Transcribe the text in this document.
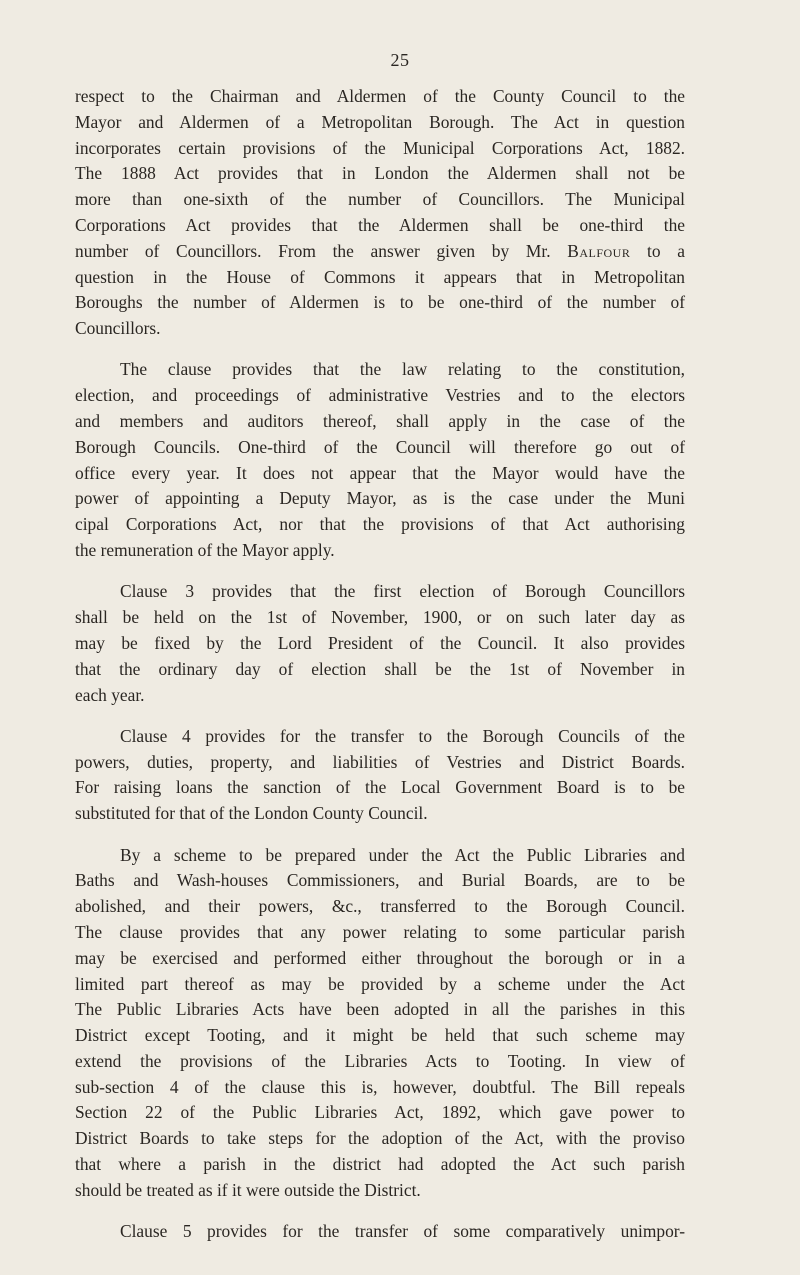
25

respect to the Chairman and Aldermen of the County Council to the
Mayor and Aldermen of a Metropolitan Borough. The Act in question
incorporates certain provisions of the Municipal Corporations Act, 1882.
The 1888 Act provides that in London the Aldermen shall not be
more than one-sixth of the number of Councillors. The Municipal
Corporations Act provides that the Aldermen shall be one-third the
number of Councillors. From the answer given by Mr. Balfour to a
question in the House of Commons it appears that in Metropolitan
Boroughs the number of Aldermen is to be one-third of the number of
Councillors.

The clause provides that the law relating to the constitution,
election, and proceedings of administrative Vestries and to the electors
and members and auditors thereof, shall apply in the case of the
Borough Councils. One-third of the Council will therefore go out of
office every year. It does not appear that the Mayor would have the
power of appointing a Deputy Mayor, as is the case under the Muni
cipal Corporations Act, nor that the provisions of that Act authorising
the remuneration of the Mayor apply.

Clause 3 provides that the first election of Borough Councillors
shall be held on the 1st of November, 1900, or on such later day as
may be fixed by the Lord President of the Council. It also provides
that the ordinary day of election shall be the 1st of November in
each year.

Clause 4 provides for the transfer to the Borough Councils of the
powers, duties, property, and liabilities of Vestries and District Boards.
For raising loans the sanction of the Local Government Board is to be
substituted for that of the London County Council.

By a scheme to be prepared under the Act the Public Libraries and
Baths and Wash-houses Commissioners, and Burial Boards, are to be
abolished, and their powers, &c., transferred to the Borough Council.
The clause provides that any power relating to some particular parish
may be exercised and performed either throughout the borough or in a
limited part thereof as may be provided by a scheme under the Act
The Public Libraries Acts have been adopted in all the parishes in this
District except Tooting, and it might be held that such scheme may
extend the provisions of the Libraries Acts to Tooting. In view of
sub-section 4 of the clause this is, however, doubtful. The Bill repeals
Section 22 of the Public Libraries Act, 1892, which gave power to
District Boards to take steps for the adoption of the Act, with the proviso
that where a parish in the district had adopted the Act such parish
should be treated as if it were outside the District.

Clause 5 provides for the transfer of some comparatively unimpor-
